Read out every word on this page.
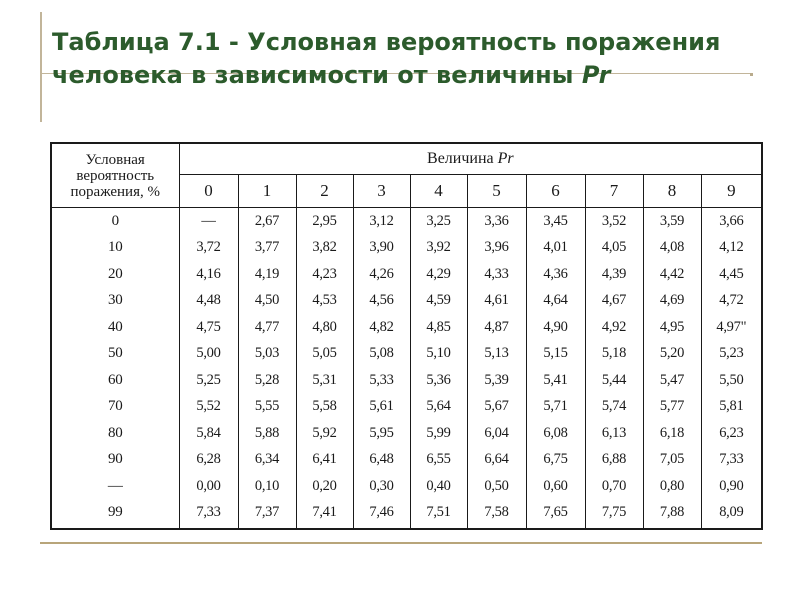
Таблица 7.1 - Условная вероятность поражения человека в зависимости от величины Pr
Условная вероятность поражения, %	Величина Pr									
	0	1	2	3	4	5	6	7	8	9
0	—	2,67	2,95	3,12	3,25	3,36	3,45	3,52	3,59	3,66
10	3,72	3,77	3,82	3,90	3,92	3,96	4,01	4,05	4,08	4,12
20	4,16	4,19	4,23	4,26	4,29	4,33	4,36	4,39	4,42	4,45
30	4,48	4,50	4,53	4,56	4,59	4,61	4,64	4,67	4,69	4,72
40	4,75	4,77	4,80	4,82	4,85	4,87	4,90	4,92	4,95	4,97"
50	5,00	5,03	5,05	5,08	5,10	5,13	5,15	5,18	5,20	5,23
60	5,25	5,28	5,31	5,33	5,36	5,39	5,41	5,44	5,47	5,50
70	5,52	5,55	5,58	5,61	5,64	5,67	5,71	5,74	5,77	5,81
80	5,84	5,88	5,92	5,95	5,99	6,04	6,08	6,13	6,18	6,23
90	6,28	6,34	6,41	6,48	6,55	6,64	6,75	6,88	7,05	7,33
—	0,00	0,10	0,20	0,30	0,40	0,50	0,60	0,70	0,80	0,90
99	7,33	7,37	7,41	7,46	7,51	7,58	7,65	7,75	7,88	8,09
